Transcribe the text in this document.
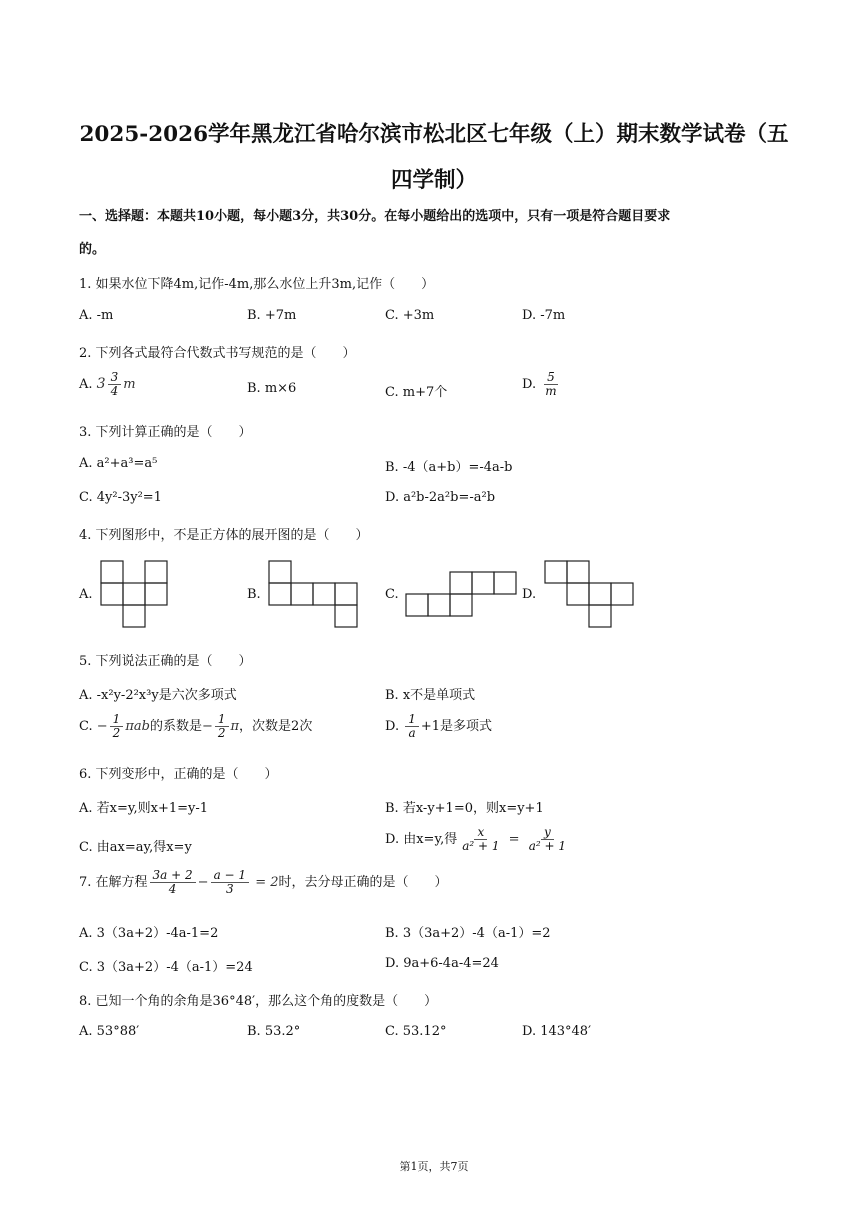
2025-2026学年黑龙江省哈尔滨市松北区七年级（上）期末数学试卷（五
四学制）
一、选择题：本题共10小题，每小题3分，共30分。在每小题给出的选项中，只有一项是符合题目要求
的。
1. 如果水位下降4m,记作-4m,那么水位上升3m,记作（　　）
A. -m	B. +7m	C. +3m	D. -7m
2. 下列各式最符合代数式书写规范的是（　　）
A. $3 \frac{3}{4}$ m	B. m×6	C. m+7个
D. $\frac{5}{m}$
3. 下列计算正确的是（　　）
A. a²+a³=a⁵	B. -4（a+b）=-4a-b
C. 4y²-3y²=1	D. a²b-2a²b=-a²b
4. 下列图形中，不是正方体的展开图的是（　　）
A.	B.	C.	D.
5. 下列说法正确的是（　　）
A. -x²y-2²x³y是六次多项式	B. x不是单项式
C. − $\frac{1}{2}$ πab的系数是− $\frac{1}{2}$ π，次数是2次	D. $\frac{1}{a} +1$是多项式
6. 下列变形中，正确的是（　　）
A. 若x=y,则x+1=y-1	B. 若x-y+1=0，则x=y+1
C. 由ax=ay,得x=y
D. 由x=y,得 $\frac{x}{\text{a² + 1}} = \frac{y}{\text{a² + 1}}$
7. 在解方程 $\frac{3a + 2}{4} - \frac{a - 1}{3} = 2$时，去分母正确的是（　　）
A. 3（3a+2）-4a-1=2	B. 3（3a+2）-4（a-1）=2
C. 3（3a+2）-4（a-1）=24	D. 9a+6-4a-4=24
8. 已知一个角的余角是36°48′，那么这个角的度数是（　　）
A. 53°88′	B. 53.2°	C. 53.12°	D. 143°48′
第1页，共7页
